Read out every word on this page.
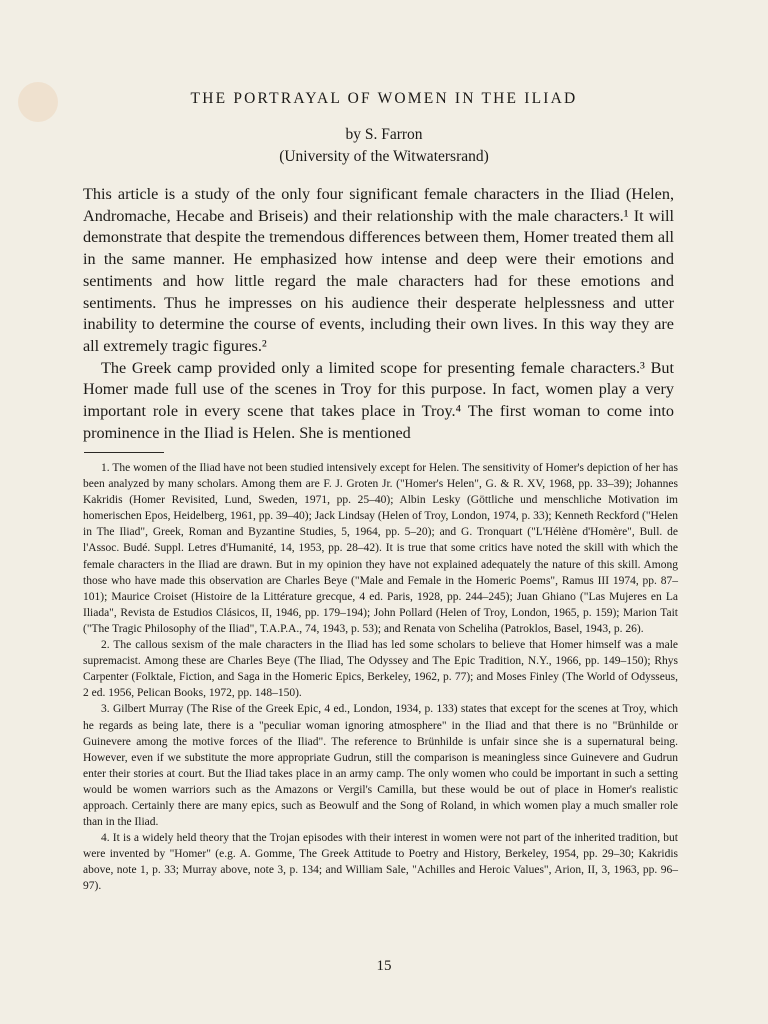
THE PORTRAYAL OF WOMEN IN THE ILIAD
by S. Farron
(University of the Witwatersrand)

This article is a study of the only four significant female characters in the Iliad (Helen, Andromache, Hecabe and Briseis) and their relationship with the male characters.¹ It will demonstrate that despite the tremendous differences between them, Homer treated them all in the same manner. He emphasized how intense and deep were their emotions and sentiments and how little regard the male characters had for these emotions and sentiments. Thus he impresses on his audience their desperate helplessness and utter inability to determine the course of events, including their own lives. In this way they are all extremely tragic figures.²

The Greek camp provided only a limited scope for presenting female characters.³ But Homer made full use of the scenes in Troy for this purpose. In fact, women play a very important role in every scene that takes place in Troy.⁴ The first woman to come into prominence in the Iliad is Helen. She is mentioned

1. The women of the Iliad have not been studied intensively except for Helen. The sensitivity of Homer's depiction of her has been analyzed by many scholars. Among them are F. J. Groten Jr. ("Homer's Helen", G. & R. XV, 1968, pp. 33–39); Johannes Kakridis (Homer Revisited, Lund, Sweden, 1971, pp. 25–40); Albin Lesky (Göttliche und menschliche Motivation im homerischen Epos, Heidelberg, 1961, pp. 39–40); Jack Lindsay (Helen of Troy, London, 1974, p. 33); Kenneth Reckford ("Helen in The Iliad", Greek, Roman and Byzantine Studies, 5, 1964, pp. 5–20); and G. Tronquart ("L'Hélène d'Homère", Bull. de l'Assoc. Budé. Suppl. Letres d'Humanité, 14, 1953, pp. 28–42). It is true that some critics have noted the skill with which the female characters in the Iliad are drawn. But in my opinion they have not explained adequately the nature of this skill. Among those who have made this observation are Charles Beye ("Male and Female in the Homeric Poems", Ramus III 1974, pp. 87–101); Maurice Croiset (Histoire de la Littérature grecque, 4 ed. Paris, 1928, pp. 244–245); Juan Ghiano ("Las Mujeres en La Iliada", Revista de Estudios Clásicos, II, 1946, pp. 179–194); John Pollard (Helen of Troy, London, 1965, p. 159); Marion Tait ("The Tragic Philosophy of the Iliad", T.A.P.A., 74, 1943, p. 53); and Renata von Scheliha (Patroklos, Basel, 1943, p. 26).

2. The callous sexism of the male characters in the Iliad has led some scholars to believe that Homer himself was a male supremacist. Among these are Charles Beye (The Iliad, The Odyssey and The Epic Tradition, N.Y., 1966, pp. 149–150); Rhys Carpenter (Folktale, Fiction, and Saga in the Homeric Epics, Berkeley, 1962, p. 77); and Moses Finley (The World of Odysseus, 2 ed. 1956, Pelican Books, 1972, pp. 148–150).

3. Gilbert Murray (The Rise of the Greek Epic, 4 ed., London, 1934, p. 133) states that except for the scenes at Troy, which he regards as being late, there is a "peculiar woman ignoring atmosphere" in the Iliad and that there is no "Brünhilde or Guinevere among the motive forces of the Iliad". The reference to Brünhilde is unfair since she is a supernatural being. However, even if we substitute the more appropriate Gudrun, still the comparison is meaningless since Guinevere and Gudrun enter their stories at court. But the Iliad takes place in an army camp. The only women who could be important in such a setting would be women warriors such as the Amazons or Vergil's Camilla, but these would be out of place in Homer's realistic approach. Certainly there are many epics, such as Beowulf and the Song of Roland, in which women play a much smaller role than in the Iliad.

4. It is a widely held theory that the Trojan episodes with their interest in women were not part of the inherited tradition, but were invented by "Homer" (e.g. A. Gomme, The Greek Attitude to Poetry and History, Berkeley, 1954, pp. 29–30; Kakridis above, note 1, p. 33; Murray above, note 3, p. 134; and William Sale, "Achilles and Heroic Values", Arion, II, 3, 1963, pp. 96–97).

15
